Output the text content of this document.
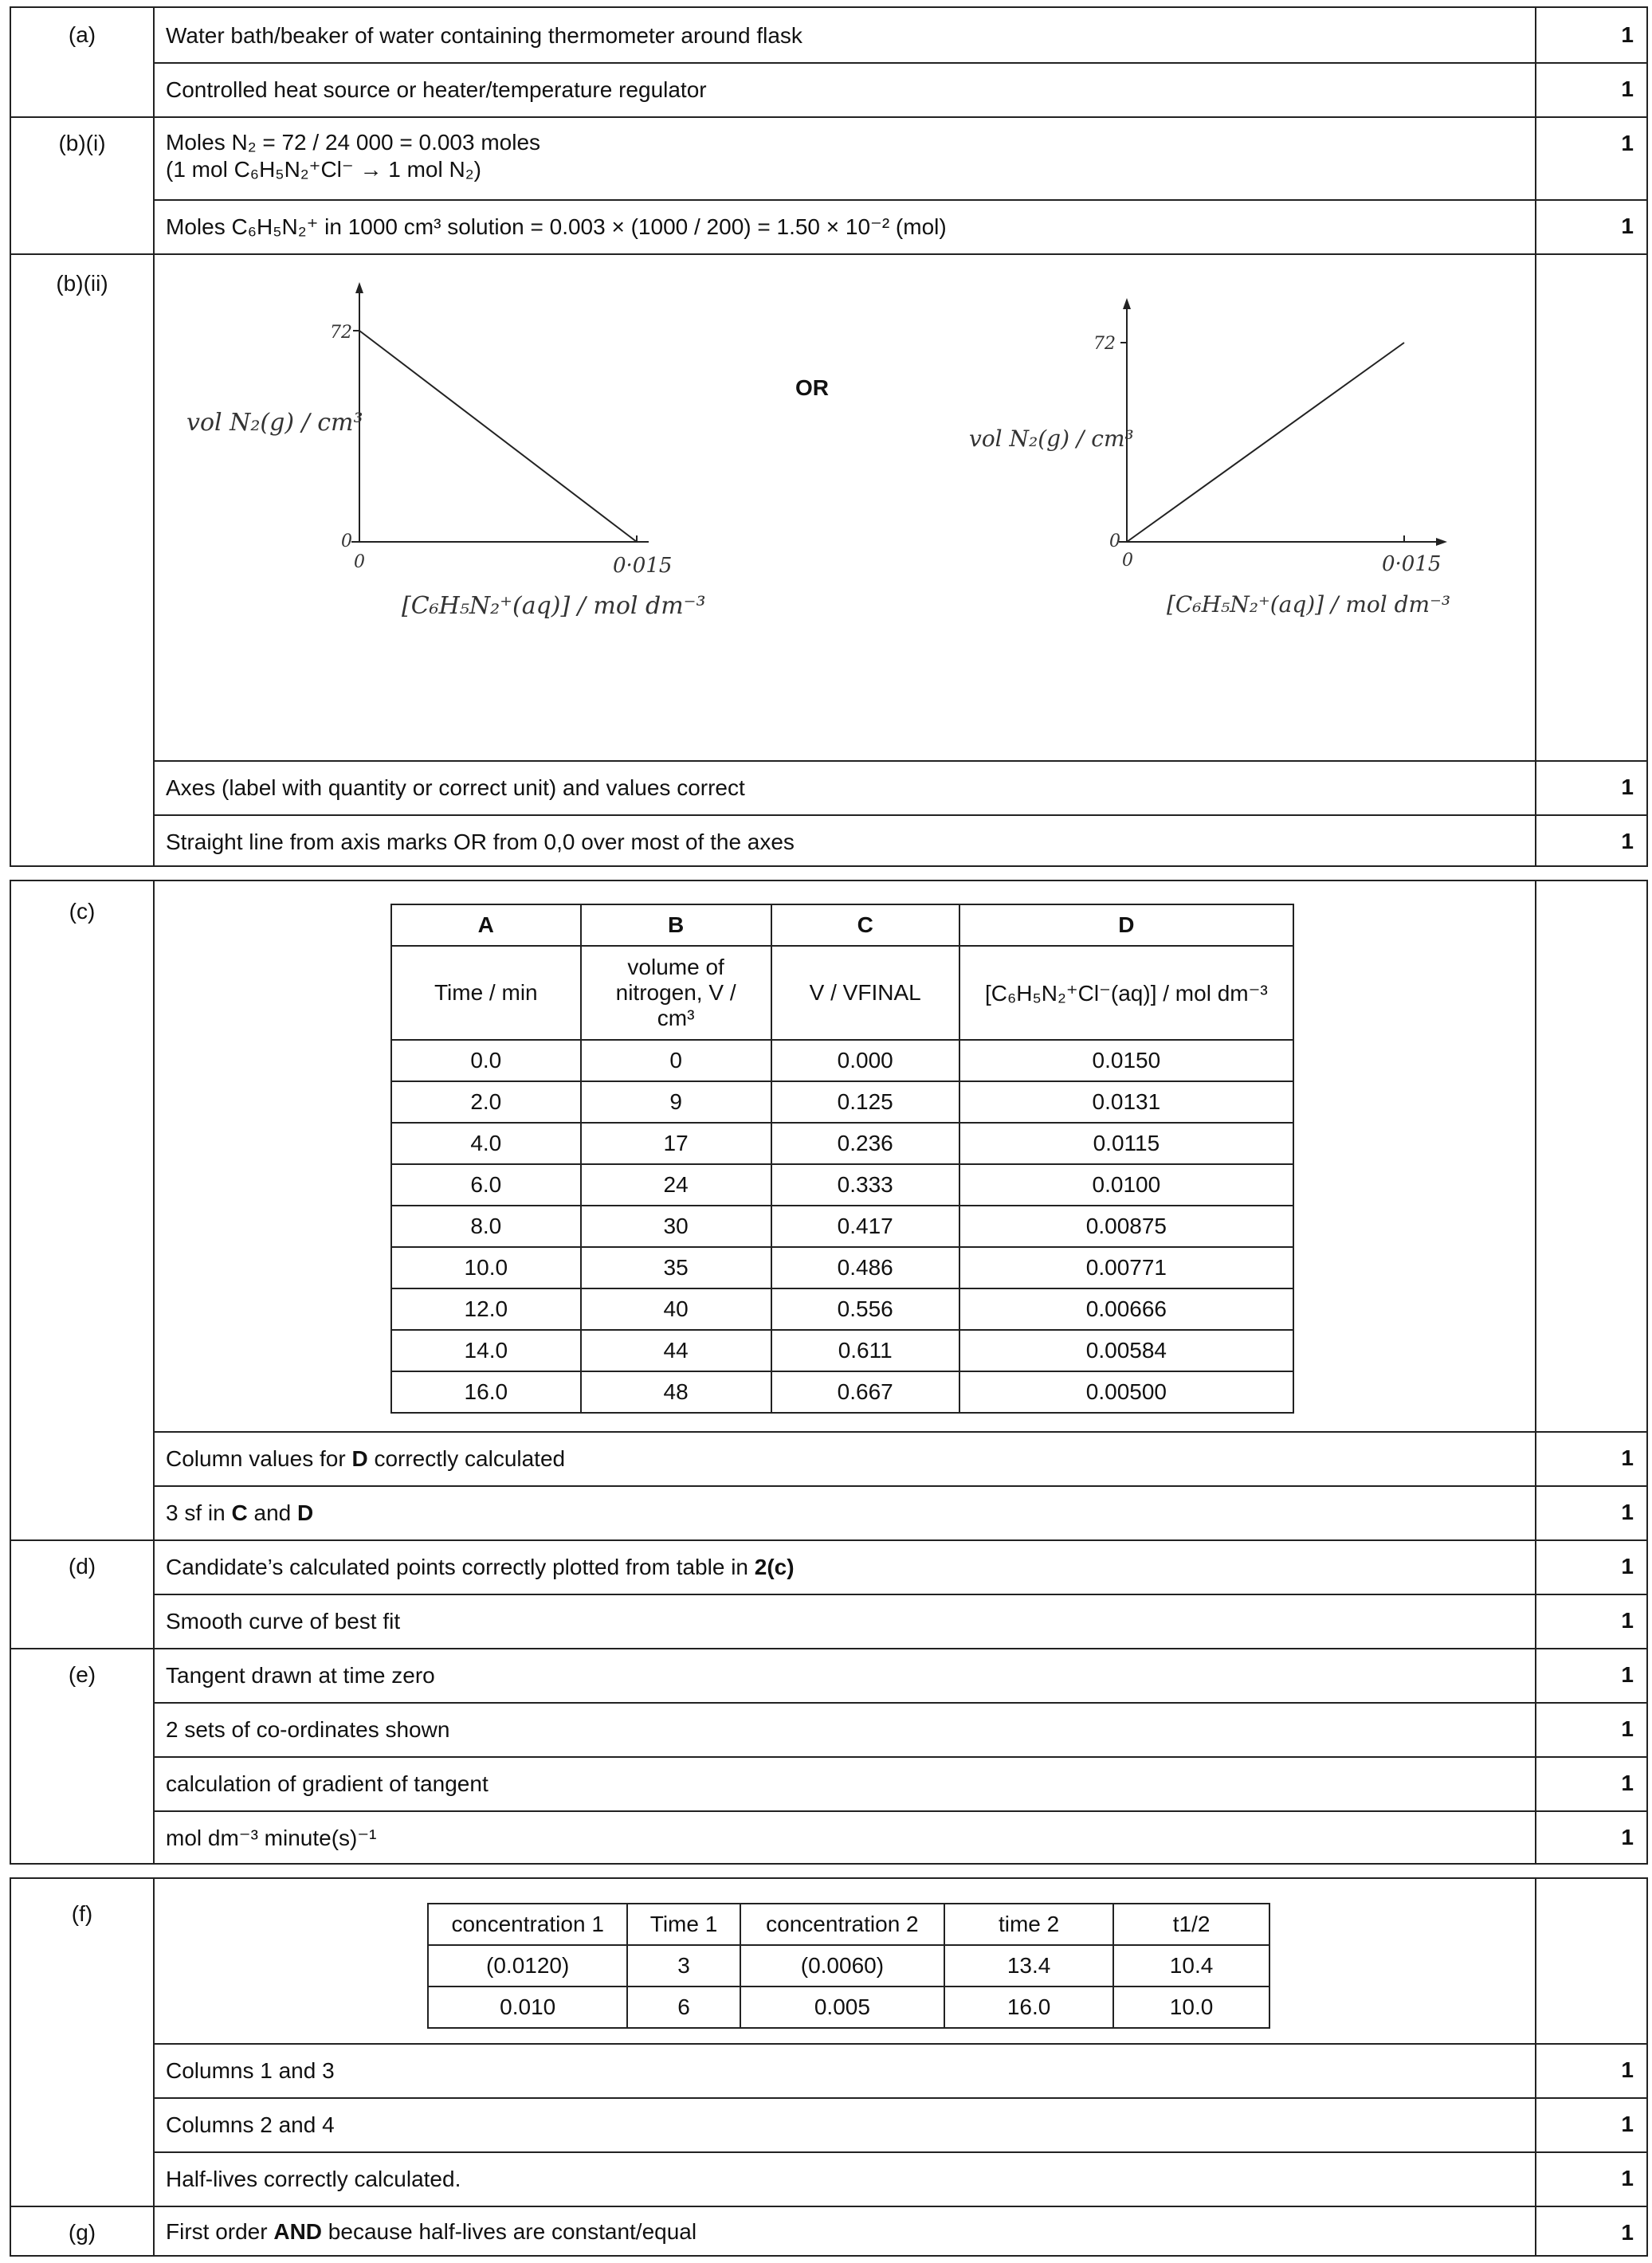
(a)	Water bath/beaker of water containing thermometer around flask	1
Controlled heat source or heater/temperature regulator	1
(b)(i)	Moles N₂ = 72 / 24 000 = 0.003 moles
(1 mol C₆H₅N₂⁺Cl⁻ → 1 mol N₂)
1
Moles C₆H₅N₂⁺ in 1000 cm³ solution = 0.003 × (1000 / 200) = 1.50 × 10⁻² (mol)	1
(b)(ii)
72
0
0	0·015
vol N₂(g) / cm³
[C₆H₅N₂⁺(aq)] / mol dm⁻³
OR
72
0
0	0·015
vol N₂(g) / cm³
[C₆H₅N₂⁺(aq)] / mol dm⁻³
Axes (label with quantity or correct unit) and values correct	1
Straight line from axis marks OR from 0,0 over most of the axes	1
(c)
A	B	C	D
Time / min	volume of nitrogen, V / cm³	V / VFINAL	[C₆H₅N₂⁺Cl⁻(aq)] / mol dm⁻³
0.0	0	0.000	0.0150
2.0	9	0.125	0.0131
4.0	17	0.236	0.0115
6.0	24	0.333	0.0100
8.0	30	0.417	0.00875
10.0	35	0.486	0.00771
12.0	40	0.556	0.00666
14.0	44	0.611	0.00584
16.0	48	0.667	0.00500
Column values for D correctly calculated	1
3 sf in C and D	1
(d)	Candidate’s calculated points correctly plotted from table in 2(c)	1
Smooth curve of best fit	1
(e)	Tangent drawn at time zero	1
2 sets of co-ordinates shown	1
calculation of gradient of tangent	1
mol dm⁻³ minute(s)⁻¹	1
(f)	concentration 1	Time 1	concentration 2	time 2	t1/2
(0.0120)	3	(0.0060)	13.4	10.4
0.010	6	0.005	16.0	10.0
Columns 1 and 3	1
Columns 2 and 4	1
Half-lives correctly calculated.	1
(g)	First order AND because half-lives are constant/equal	1
